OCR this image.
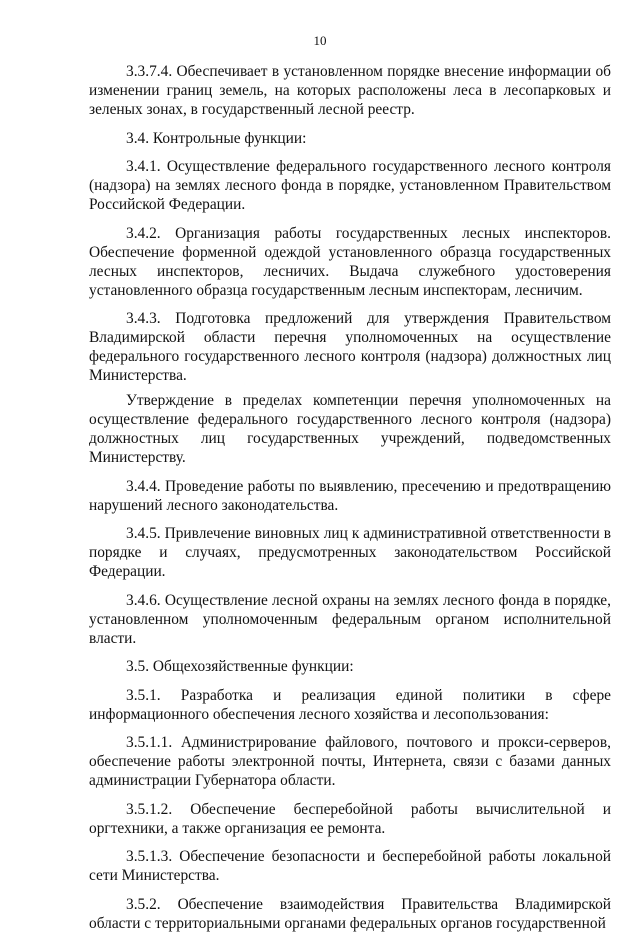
10

3.3.7.4. Обеспечивает в установленном порядке внесение информации об изменении границ земель, на которых расположены леса в лесопарковых и зеленых зонах, в государственный лесной реестр.

3.4. Контрольные функции:

3.4.1. Осуществление федерального государственного лесного контроля (надзора) на землях лесного фонда в порядке, установленном Правительством Российской Федерации.

3.4.2. Организация работы государственных лесных инспекторов. Обеспечение форменной одеждой установленного образца государственных лесных инспекторов, лесничих. Выдача служебного удостоверения установленного образца государственным лесным инспекторам, лесничим.

3.4.3. Подготовка предложений для утверждения Правительством Владимирской области перечня уполномоченных на осуществление федерального государственного лесного контроля (надзора) должностных лиц Министерства.

Утверждение в пределах компетенции перечня уполномоченных на осуществление федерального государственного лесного контроля (надзора) должностных лиц государственных учреждений, подведомственных Министерству.

3.4.4. Проведение работы по выявлению, пресечению и предотвращению нарушений лесного законодательства.

3.4.5. Привлечение виновных лиц к административной ответственности в порядке и случаях, предусмотренных законодательством Российской Федерации.

3.4.6. Осуществление лесной охраны на землях лесного фонда в порядке, установленном уполномоченным федеральным органом исполнительной власти.

3.5. Общехозяйственные функции:

3.5.1. Разработка и реализация единой политики в сфере информационного обеспечения лесного хозяйства и лесопользования:

3.5.1.1. Администрирование файлового, почтового и прокси-серверов, обеспечение работы электронной почты, Интернета, связи с базами данных администрации Губернатора области.

3.5.1.2. Обеспечение бесперебойной работы вычислительной и оргтехники, а также организация ее ремонта.

3.5.1.3. Обеспечение безопасности и бесперебойной работы локальной сети Министерства.

3.5.2. Обеспечение взаимодействия Правительства Владимирской области с территориальными органами федеральных органов государственной
